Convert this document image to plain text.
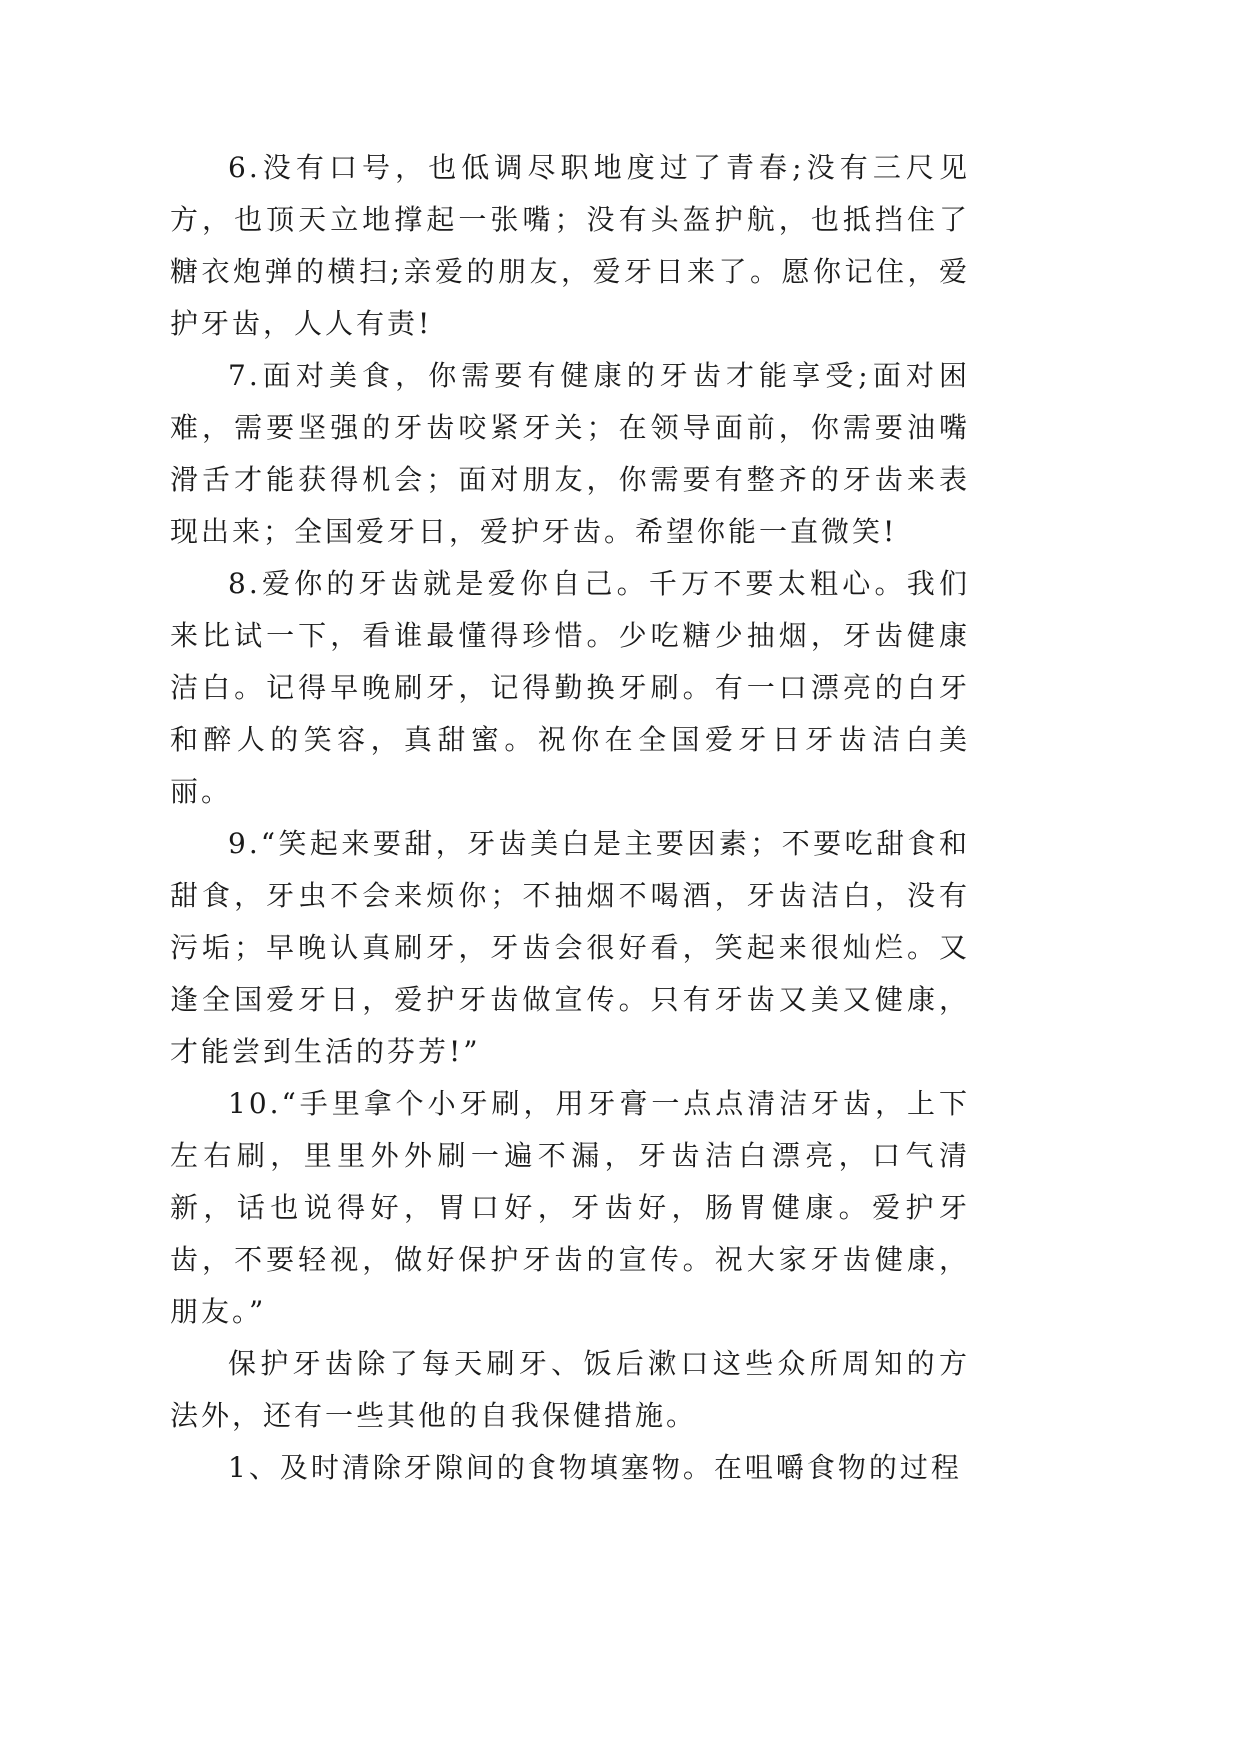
6.没有口号，也低调尽职地度过了青春;没有三尺见方，也顶天立地撑起一张嘴；没有头盔护航，也抵挡住了糖衣炮弹的横扫;亲爱的朋友，爱牙日来了。愿你记住，爱护牙齿，人人有责!

7.面对美食，你需要有健康的牙齿才能享受;面对困难，需要坚强的牙齿咬紧牙关；在领导面前，你需要油嘴滑舌才能获得机会；面对朋友，你需要有整齐的牙齿来表现出来；全国爱牙日，爱护牙齿。希望你能一直微笑!

8.爱你的牙齿就是爱你自己。千万不要太粗心。我们来比试一下，看谁最懂得珍惜。少吃糖少抽烟，牙齿健康洁白。记得早晚刷牙，记得勤换牙刷。有一口漂亮的白牙和醉人的笑容，真甜蜜。祝你在全国爱牙日牙齿洁白美丽。

9.“笑起来要甜，牙齿美白是主要因素；不要吃甜食和甜食，牙虫不会来烦你；不抽烟不喝酒，牙齿洁白，没有污垢；早晚认真刷牙，牙齿会很好看，笑起来很灿烂。又逢全国爱牙日，爱护牙齿做宣传。只有牙齿又美又健康，才能尝到生活的芬芳!”

10.“手里拿个小牙刷，用牙膏一点点清洁牙齿，上下左右刷，里里外外刷一遍不漏，牙齿洁白漂亮，口气清新，话也说得好，胃口好，牙齿好，肠胃健康。爱护牙齿，不要轻视，做好保护牙齿的宣传。祝大家牙齿健康，朋友。”

保护牙齿除了每天刷牙、饭后漱口这些众所周知的方法外，还有一些其他的自我保健措施。

1、及时清除牙隙间的食物填塞物。在咀嚼食物的过程
